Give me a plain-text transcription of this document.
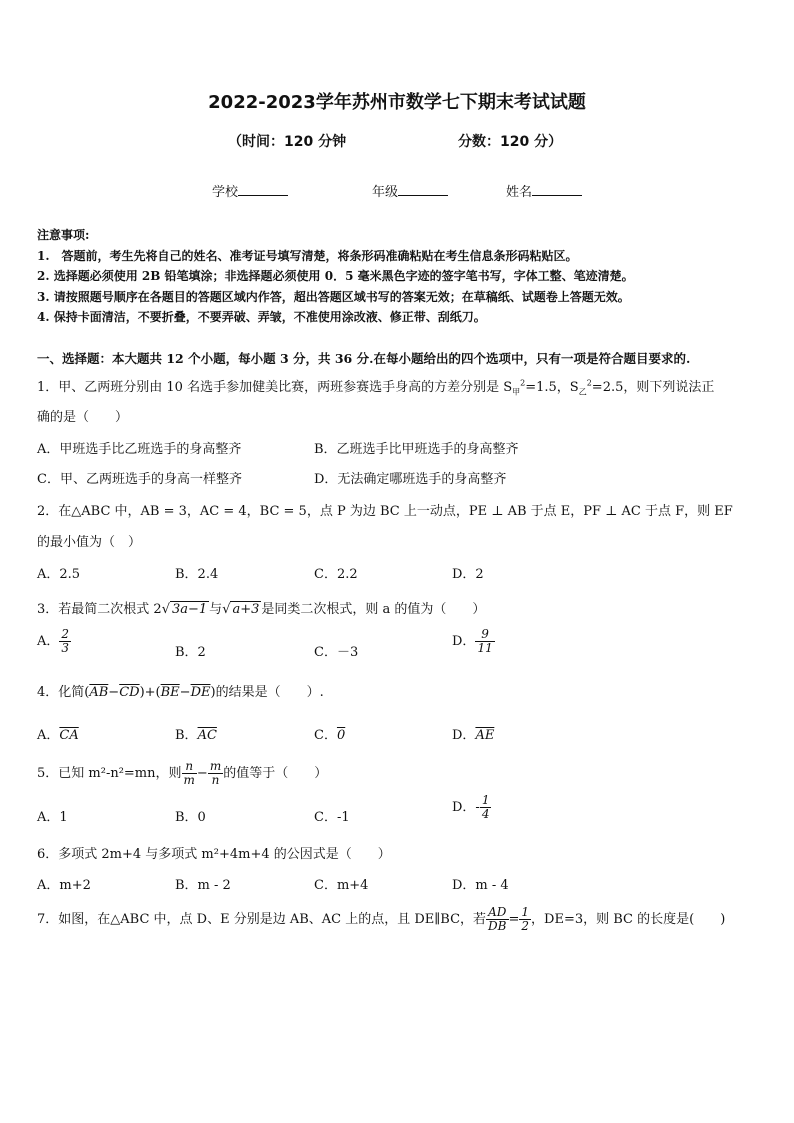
2022-2023学年苏州市数学七下期末考试试题
（时间：120 分钟	分数：120 分）
学校	年级	姓名
注意事项:
1.　答题前，考生先将自己的姓名、准考证号填写清楚，将条形码准确粘贴在考生信息条形码粘贴区。
2. 选择题必须使用 2B 铅笔填涂；非选择题必须使用 0．5 毫米黑色字迹的签字笔书写，字体工整、笔迹清楚。
3. 请按照题号顺序在各题目的答题区域内作答，超出答题区域书写的答案无效；在草稿纸、试题卷上答题无效。
4. 保持卡面清洁，不要折叠，不要弄破、弄皱，不准使用涂改液、修正带、刮纸刀。
一、选择题：本大题共 12 个小题，每小题 3 分，共 36 分.在每小题给出的四个选项中，只有一项是符合题目要求的.
1．甲、乙两班分别由 10 名选手参加健美比赛，两班参赛选手身高的方差分别是 $S_甲^2=1.5$，$S_乙^2=2.5$，则下列说法正
确的是（　　）
A．甲班选手比乙班选手的身高整齐	B．乙班选手比甲班选手的身高整齐
C．甲、乙两班选手的身高一样整齐	D．无法确定哪班选手的身高整齐
2．在△ABC 中，AB = 3，AC = 4，BC = 5，点 P 为边 BC 上一动点，PE ⊥ AB 于点 E，PF ⊥ AC 于点 F，则 EF
的最小值为（　）
A．2.5	B．2.4	C．2.2	D．2
3．若最简二次根式 2√ 3a−1 与√ a+3 是同类二次根式，则 a 的值为（　　）
A． $\frac{2}{3}$	B．2	C．－3
D． $\frac{9}{11}$
4．化简$(\overline{AB}-\overline{CD})+(\overline{BE}-\overline{DE})$的结果是（　　）.
A．$\overline{CA}$	B．$\overline{AC}$	C．0	D．$\overline{AE}$
5．已知 m²-n²=mn，则 $\frac{n}{m} - \frac{m}{n}$ 的值等于（　　）
A．1	B．0	C．-1
D．- $\frac{1}{4}$
6．多项式 2m+4 与多项式 m²+4m+4 的公因式是（　　）
A．m+2	B．m - 2	C．m+4	D．m - 4
7．如图，在△ABC 中，点 D、E 分别是边 AB、AC 上的点，且 DE∥BC，若 $\frac{AD}{DB} = \frac{1}{2}$ ，DE=3，则 BC 的长度是(　　)
